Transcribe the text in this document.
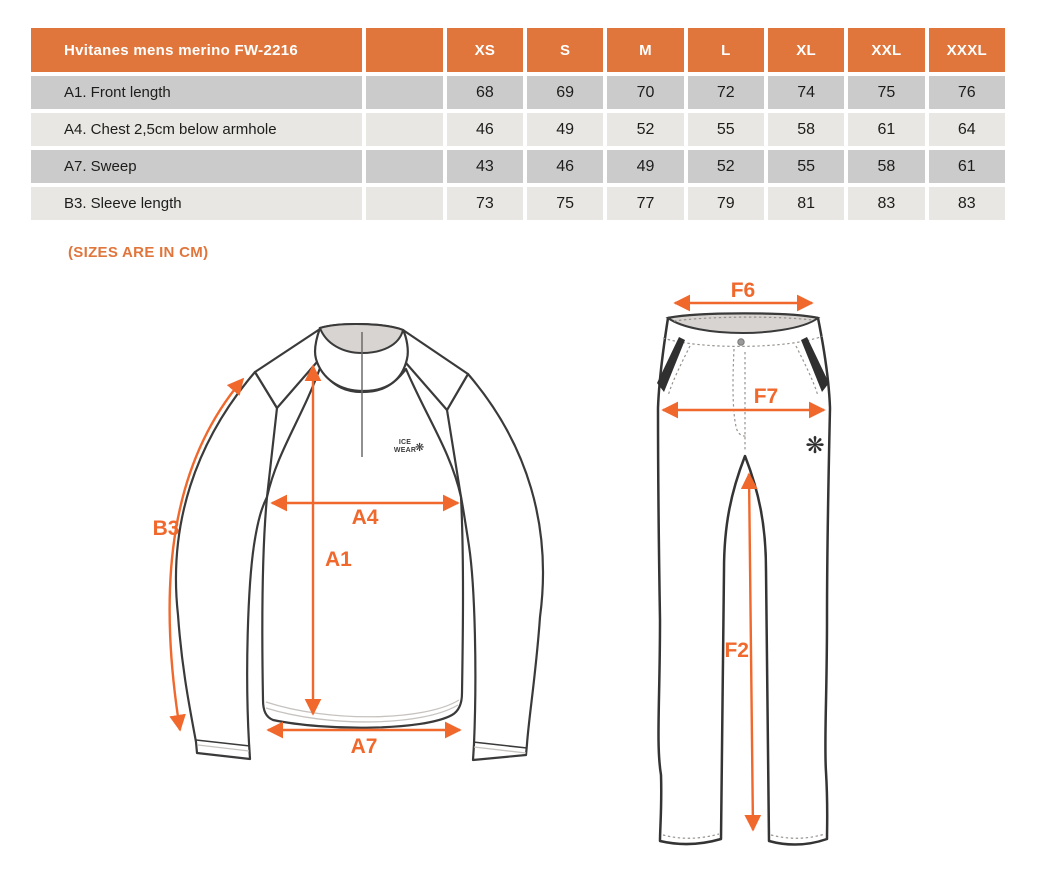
Hvitanes mens merino FW-2216		XS	S	M	L	XL	XXL	XXXL
A1. Front length		68	69	70	72	74	75	76
A4. Chest 2,5cm below armhole		46	49	52	55	58	61	64
A7. Sweep		43	46	49	52	55	58	61
B3. Sleeve length		73	75	77	79	81	83	83
(SIZES ARE IN CM)
ICE
WEAR
❋
B3	A4
A1
A7
❋
F6
F7
F2
